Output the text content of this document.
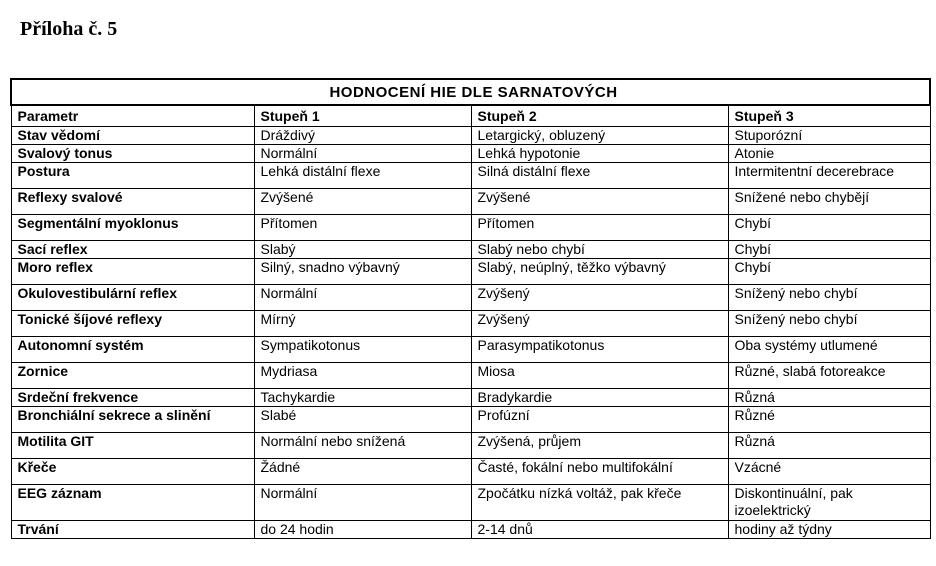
Příloha č. 5
HODNOCENÍ HIE DLE SARNATOVÝCH			
Parametr	Stupeň 1	Stupeň 2	Stupeň 3
Stav vědomí	Dráždivý	Letargický, obluzený	Stuporózní
Svalový tonus	Normální	Lehká hypotonie	Atonie
Postura	Lehká distální flexe	Silná distální flexe	Intermitentní decerebrace
Reflexy svalové	Zvýšené	Zvýšené	Snížené nebo chybějí
Segmentální myoklonus	Přítomen	Přítomen	Chybí
Sací reflex	Slabý	Slabý nebo chybí	Chybí
Moro reflex	Silný, snadno výbavný	Slabý, neúplný, těžko výbavný	Chybí
Okulovestibulární reflex	Normální	Zvýšený	Snížený nebo chybí
Tonické šíjové reflexy	Mírný	Zvýšený	Snížený nebo chybí
Autonomní systém	Sympatikotonus	Parasympatikotonus	Oba systémy utlumené
Zornice	Mydriasa	Miosa	Různé, slabá fotoreakce
Srdeční frekvence	Tachykardie	Bradykardie	Různá
Bronchiální sekrece a slinění	Slabé	Profúzní	Různé
Motilita GIT	Normální nebo snížená	Zvýšená, průjem	Různá
Křeče	Žádné	Časté, fokální nebo multifokální	Vzácné
EEG záznam	Normální	Zpočátku nízká voltáž, pak křeče	Diskontinuální, pak izoelektrický
Trvání	do 24 hodin	2-14 dnů	hodiny až týdny
